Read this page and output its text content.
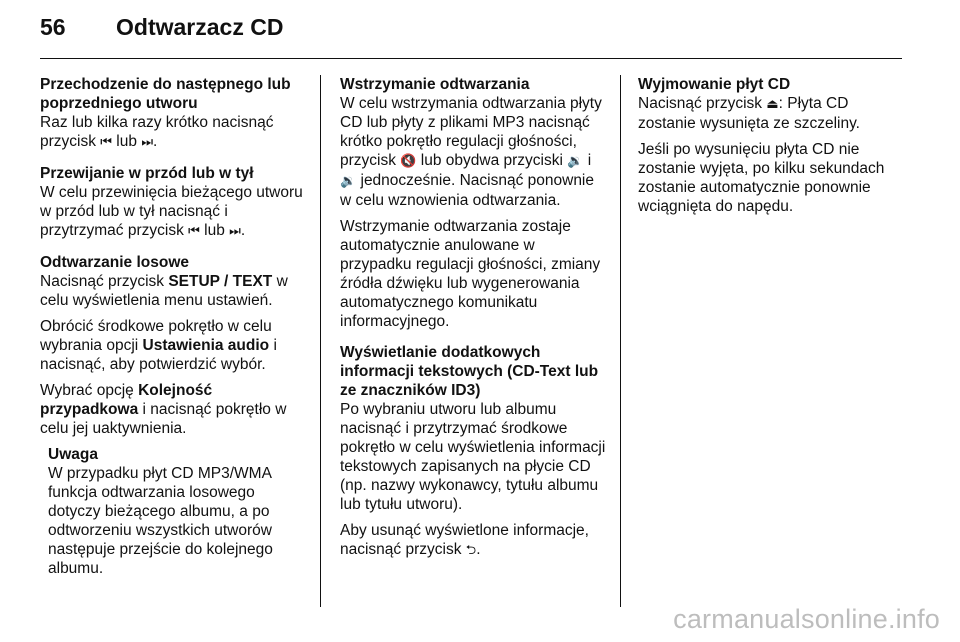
56 Odtwarzacz CD
Przechodzenie do następnego lub poprzedniego utworu

Raz lub kilka razy krótko nacisnąć przycisk ⏮ lub ⏭.

Przewijanie w przód lub w tył

W celu przewinięcia bieżącego utworu w przód lub w tył nacisnąć i przytrzymać przycisk ⏮ lub ⏭.

Odtwarzanie losowe

Nacisnąć przycisk SETUP / TEXT w celu wyświetlenia menu ustawień.

Obrócić środkowe pokrętło w celu wybrania opcji Ustawienia audio i nacisnąć, aby potwierdzić wybór.

Wybrać opcję Kolejność przypadkowa i nacisnąć pokrętło w celu jej uaktywnienia.

Uwaga

W przypadku płyt CD MP3/WMA funkcja odtwarzania losowego dotyczy bieżącego albumu, a po odtworzeniu wszystkich utworów następuje przejście do kolejnego albumu.

Wstrzymanie odtwarzania

W celu wstrzymania odtwarzania płyty CD lub płyty z plikami MP3 nacisnąć krótko pokrętło regulacji głośności, przycisk 🔇 lub obydwa przyciski 🔉 i 🔉 jednocześnie. Nacisnąć ponownie w celu wznowienia odtwarzania.

Wstrzymanie odtwarzania zostaje automatycznie anulowane w przypadku regulacji głośności, zmiany źródła dźwięku lub wygenerowania automatycznego komunikatu informacyjnego.

Wyświetlanie dodatkowych informacji tekstowych (CD-Text lub ze znaczników ID3)

Po wybraniu utworu lub albumu nacisnąć i przytrzymać środkowe pokrętło w celu wyświetlenia informacji tekstowych zapisanych na płycie CD (np. nazwy wykonawcy, tytułu albumu lub tytułu utworu).

Aby usunąć wyświetlone informacje, nacisnąć przycisk ⮌.

Wyjmowanie płyt CD

Nacisnąć przycisk ⏏: Płyta CD zostanie wysunięta ze szczeliny.

Jeśli po wysunięciu płyta CD nie zostanie wyjęta, po kilku sekundach zostanie automatycznie ponownie wciągnięta do napędu.

carmanualsonline.info
